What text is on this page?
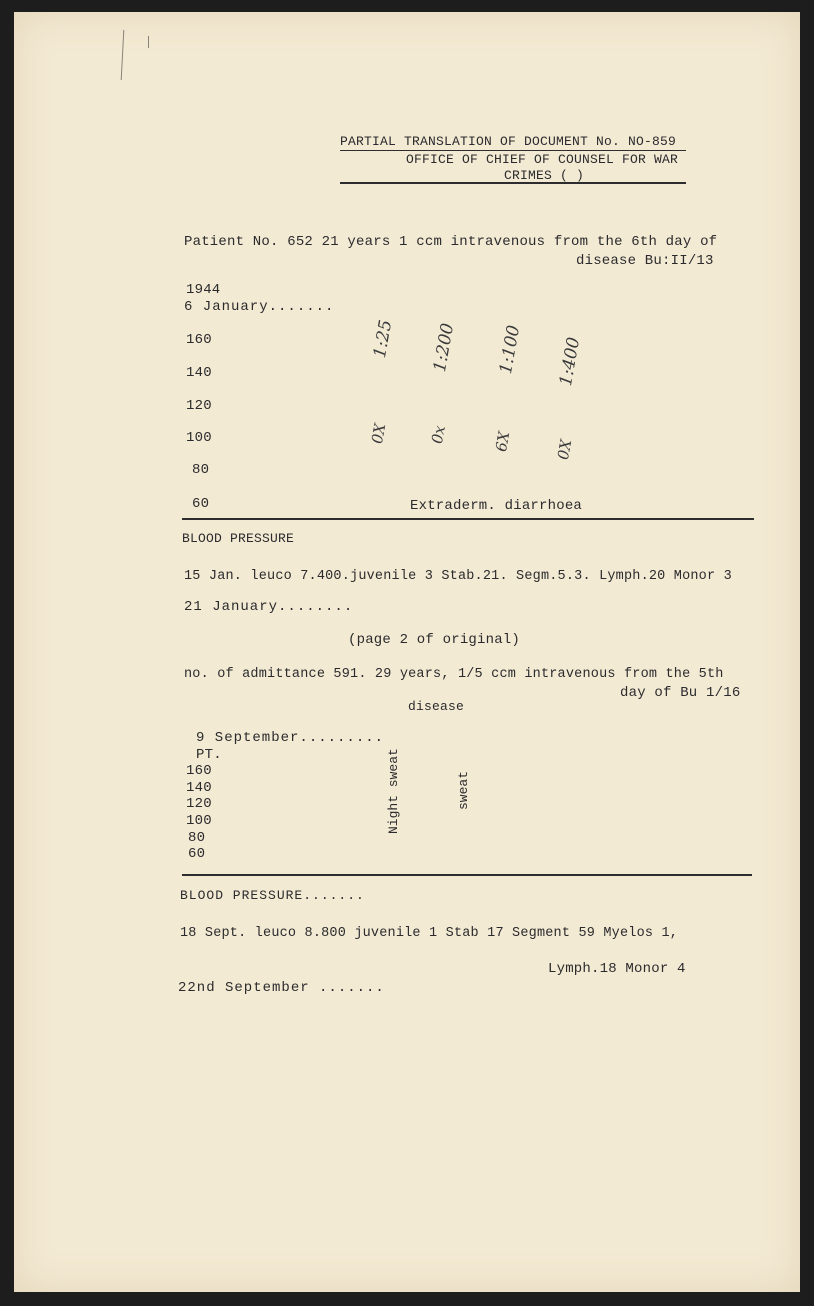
PARTIAL TRANSLATION OF DOCUMENT No. NO-859
OFFICE OF CHIEF OF COUNSEL FOR WAR
CRIMES ( )
Patient No. 652 21 years 1 ccm intravenous from the 6th day of
disease Bu:II/13
1944
6 January.......
160
140
120
100
80
60
1:25 1:200 1:100 1:400
0X	0x	6X	0X
Extraderm. diarrhoea
BLOOD PRESSURE
15 Jan. leuco 7.400.juvenile 3 Stab.21. Segm.5.3. Lymph.20 Monor 3
21 January........
(page 2 of original)
no. of admittance 591. 29 years, 1/5 ccm intravenous from the 5th
day of Bu 1/16
disease
9 September.........
PT.
160
140
120
100
80
60
Night sweat	sweat
BLOOD PRESSURE.......
18 Sept. leuco 8.800 juvenile 1 Stab 17 Segment 59 Myelos 1,
Lymph.18 Monor 4
22nd September .......
